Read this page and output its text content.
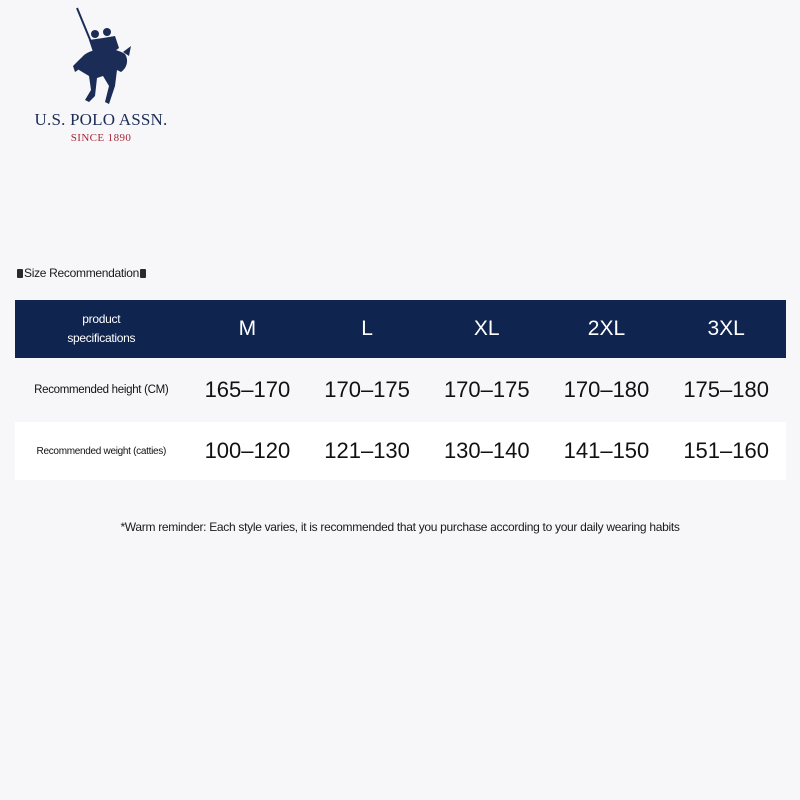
U.S. POLO ASSN.
SINCE 1890
Size Recommendation
product
specifications	M	L	XL	2XL	3XL
Recommended height (CM)	165–170	170–175	170–175	170–180	175–180
Recommended weight (catties)	100–120	121–130	130–140	141–150	151–160
*Warm reminder: Each style varies, it is recommended that you purchase according to your daily wearing habits
